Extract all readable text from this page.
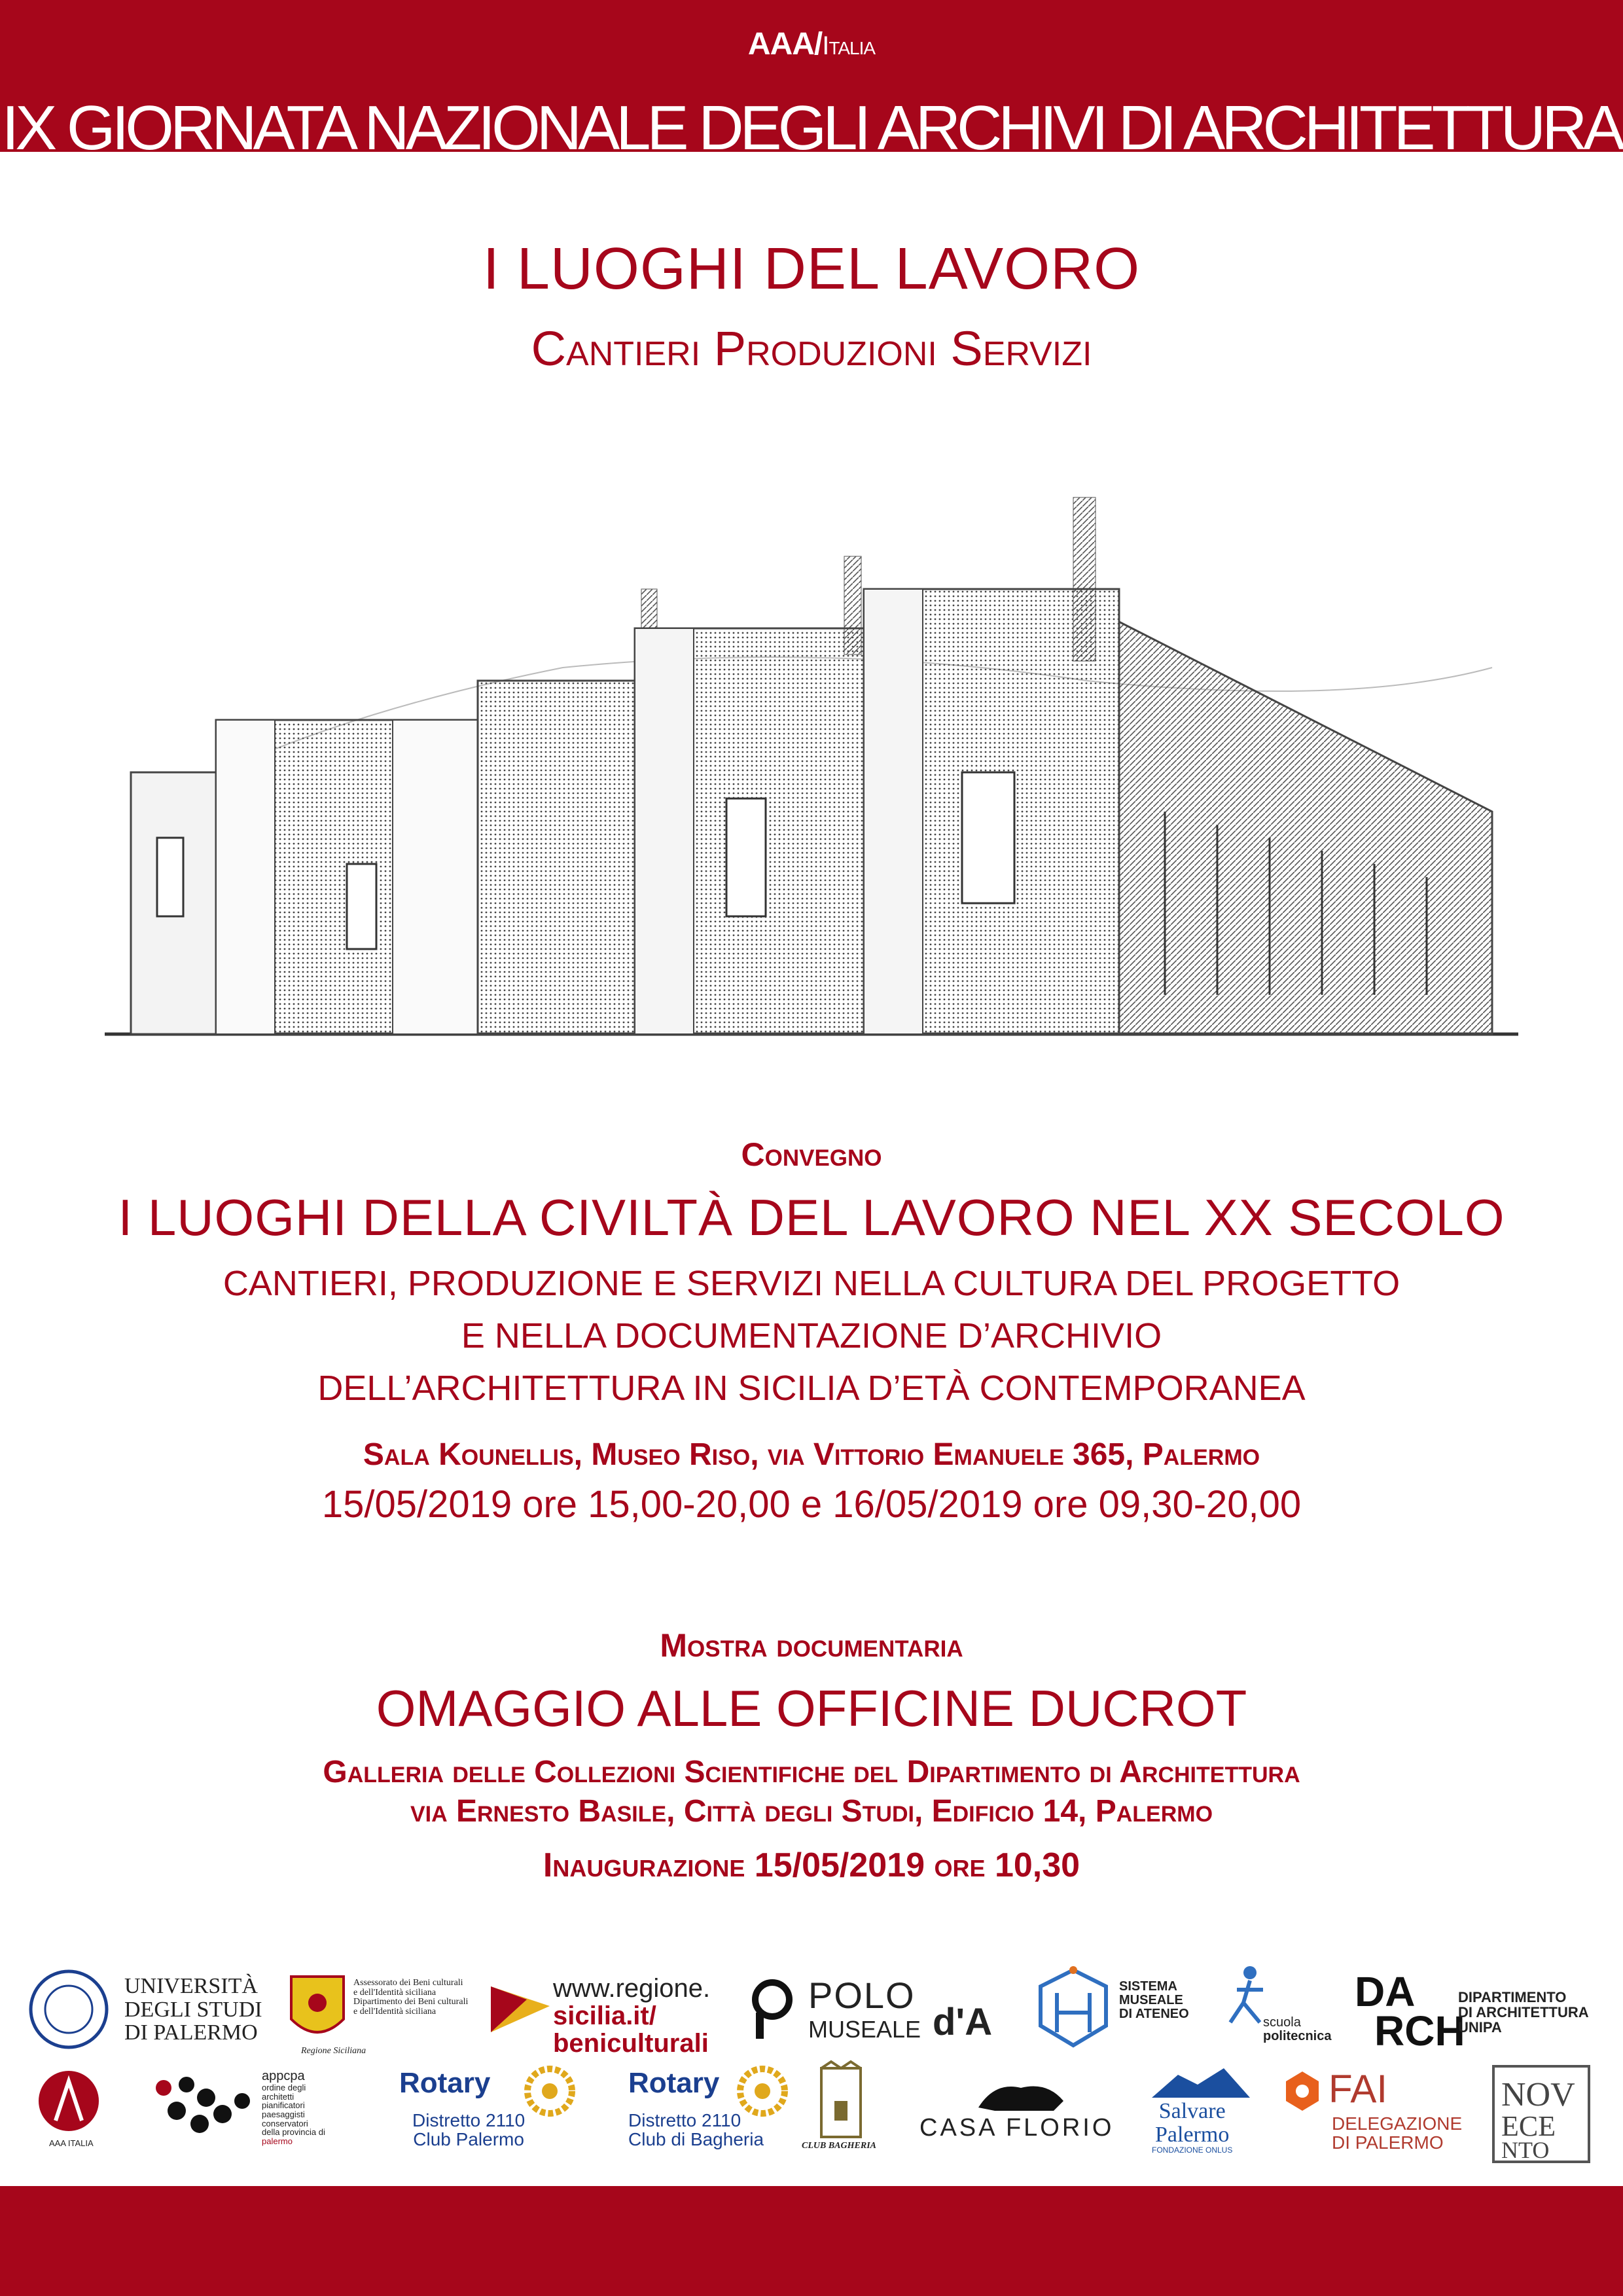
AAA/Italia
IX GIORNATA NAZIONALE DEGLI ARCHIVI DI ARCHITETTURA
I LUOGHI DEL LAVORO
Cantieri Produzioni Servizi
Convegno
I LUOGHI DELLA CIVILTÀ DEL LAVORO NEL XX SECOLO
CANTIERI, PRODUZIONE E SERVIZI NELLA CULTURA DEL PROGETTO
E NELLA DOCUMENTAZIONE D’ARCHIVIO
DELL’ARCHITETTURA IN SICILIA D’ETÀ CONTEMPORANEA
Sala Kounellis, Museo Riso, via Vittorio Emanuele 365, Palermo
15/05/2019 ore 15,00-20,00 e 16/05/2019 ore 09,30-20,00
Mostra documentaria
OMAGGIO ALLE OFFICINE DUCROT
Galleria delle Collezioni Scientifiche del Dipartimento di Architettura
via Ernesto Basile, Città degli Studi, Edificio 14, Palermo
Inaugurazione 15/05/2019 ore 10,30
UNIVERSITÀ
DEGLI STUDI
DI PALERMO
Assessorato dei Beni culturali
e dell'Identità siciliana
Dipartimento dei Beni culturali
e dell'Identità siciliana
Regione Siciliana
www.regione.
sicilia.it/
beniculturali
POLO
MUSEALE d'A
SISTEMA
MUSEALE
DI ATENEO
scuola
politecnica
DA
RCH
DIPARTIMENTO
DI ARCHITETTURA
UNIPA
AAA ITALIA
appcpa
ordine degli
architetti
pianificatori
paesaggisti
conservatori
della provincia di
palermo
Rotary
Distretto 2110
Club Palermo
Rotary
Distretto 2110
Club di Bagheria	CLUB BAGHERIA
CASA FLORIO
Salvare
Palermo
FONDAZIONE ONLUS
FAI
DELEGAZIONE
DI PALERMO
NOV
ECE
NTO
